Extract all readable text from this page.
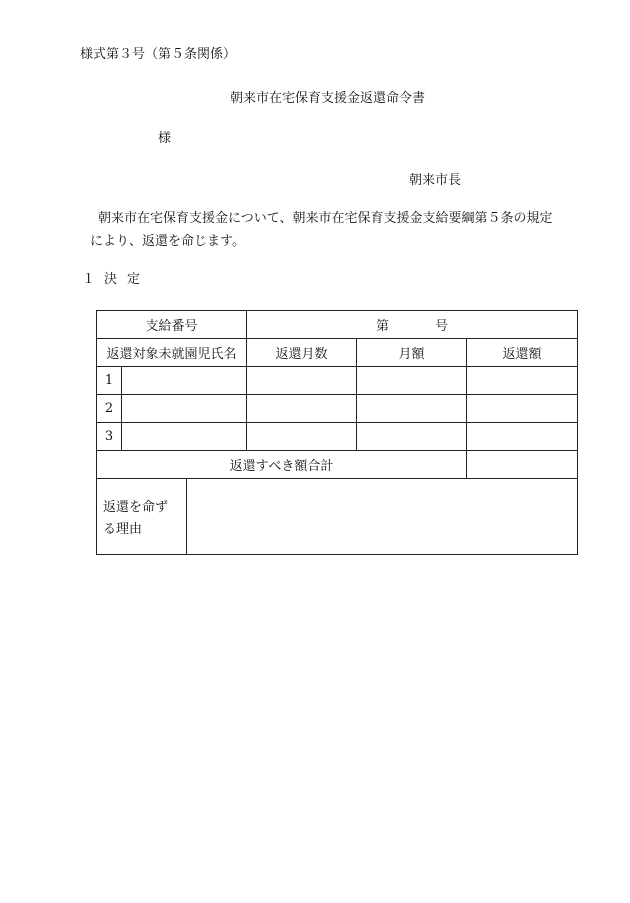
様式第３号（第５条関係）
朝来市在宅保育支援金返還命令書
様
朝来市長
朝来市在宅保育支援金について、朝来市在宅保育支援金支給要綱第５条の規定
により、返還を命じます。
１ 決定
支給番号			第 号		
返還対象未就園児氏名			返還月数	月額	返還額
1					
2					
3					
返還すべき額合計					
返還を命ず
る理由					
